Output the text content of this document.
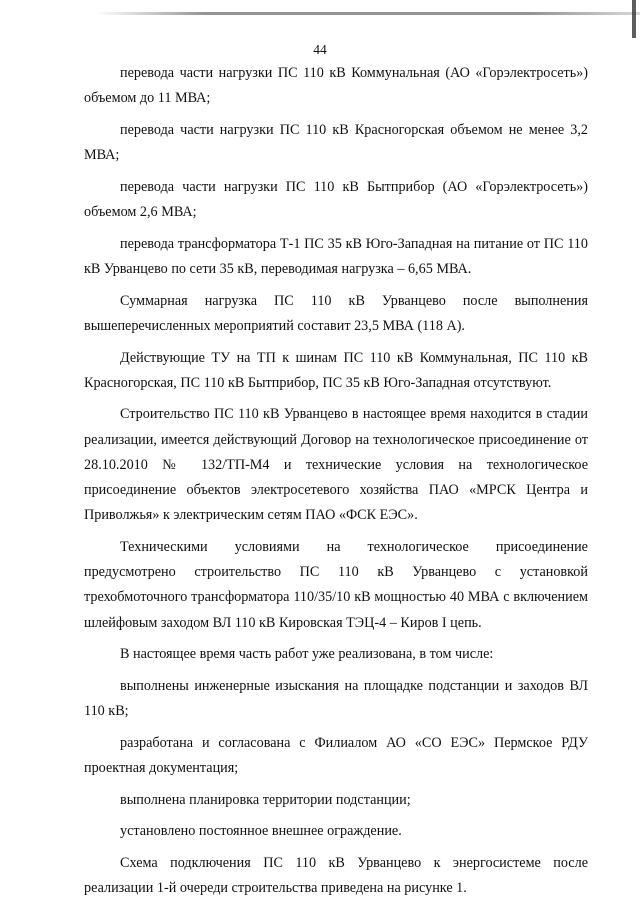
44

перевода части нагрузки ПС 110 кВ Коммунальная (АО «Горэлектросеть») объемом до 11 МВА;

перевода части нагрузки ПС 110 кВ Красногорская объемом не менее 3,2 МВА;

перевода части нагрузки ПС 110 кВ Бытприбор (АО «Горэлектросеть») объемом 2,6 МВА;

перевода трансформатора Т-1 ПС 35 кВ Юго-Западная на питание от ПС 110 кВ Урванцево по сети 35 кВ, переводимая нагрузка – 6,65 МВА.

Суммарная нагрузка ПС 110 кВ Урванцево после выполнения вышеперечисленных мероприятий составит 23,5 МВА (118 А).

Действующие ТУ на ТП к шинам ПС 110 кВ Коммунальная, ПС 110 кВ Красногорская, ПС 110 кВ Бытприбор, ПС 35 кВ Юго-Западная отсутствуют.

Строительство ПС 110 кВ Урванцево в настоящее время находится в стадии реализации, имеется действующий Договор на технологическое присоединение от 28.10.2010 № 132/ТП-М4 и технические условия на технологическое присоединение объектов электросетевого хозяйства ПАО «МРСК Центра и Приволжья» к электрическим сетям ПАО «ФСК ЕЭС».

Техническими условиями на технологическое присоединение предусмотрено строительство ПС 110 кВ Урванцево с установкой трехобмоточного трансформатора 110/35/10 кВ мощностью 40 МВА с включением шлейфовым заходом ВЛ 110 кВ Кировская ТЭЦ-4 – Киров I цепь.

В настоящее время часть работ уже реализована, в том числе:

выполнены инженерные изыскания на площадке подстанции и заходов ВЛ 110 кВ;

разработана и согласована с Филиалом АО «СО ЕЭС» Пермское РДУ проектная документация;

выполнена планировка территории подстанции;

установлено постоянное внешнее ограждение.

Схема подключения ПС 110 кВ Урванцево к энергосистеме после реализации 1-й очереди строительства приведена на рисунке 1.
